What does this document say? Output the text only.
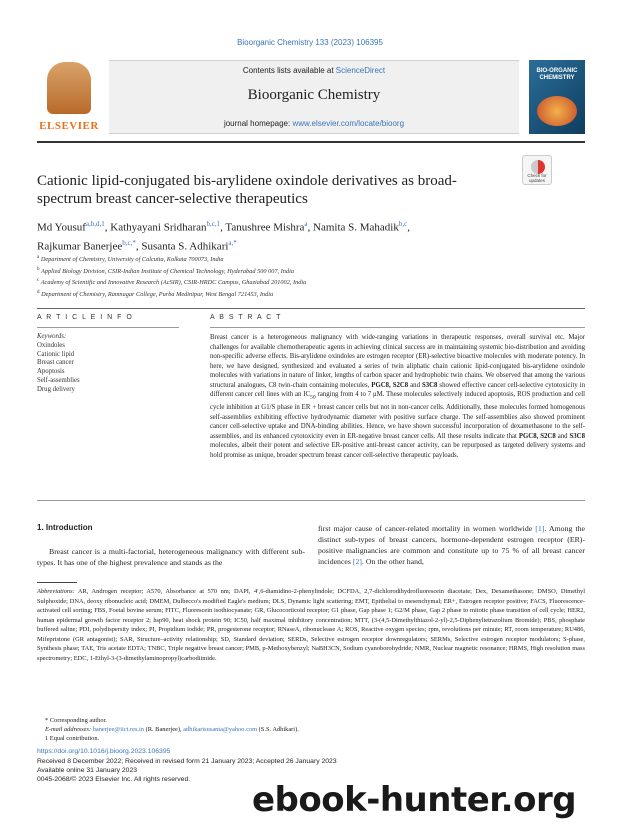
Bioorganic Chemistry 133 (2023) 106395
ELSEVIER
Contents lists available at ScienceDirect
Bioorganic Chemistry
journal homepage: www.elsevier.com/locate/bioorg
BIO-ORGANIC CHEMISTRY
Cationic lipid-conjugated bis-arylidene oxindole derivatives as broad-spectrum breast cancer-selective therapeutics
Check for updates
Md Yousuf$^{a,b,d,1}$, Kathyayani Sridharan$^{b,c,1}$, Tanushree Mishra$^a$, Namita S. Mahadik$^{b,c}$,
Rajkumar Banerjee$^{b,c,*}$, Susanta S. Adhikari$^{a,*}$
$^a$ Department of Chemistry, University of Calcutta, Kolkata 700073, India
$^b$ Applied Biology Division, CSIR-Indian Institute of Chemical Technology, Hyderabad 500 007, India
$^c$ Academy of Scientific and Innovative Research (AcSIR), CSIR-HRDC Campus, Ghaziabad 201002, India
$^d$ Department of Chemistry, Ramnagar College, Purba Medinipur, West Bengal 721453, India
A R T I C L E I N F O	A B S T R A C T
Keywords:
Oxindoles
Cationic lipid
Breast cancer
Apoptosis
Self-assemblies
Drug delivery
Breast cancer is a heterogeneous malignancy with wide-ranging variations in therapeutic responses, overall survival etc. Major challenges for available chemotherapeutic agents in achieving clinical success are in maintaining systemic bio-distribution and avoiding non-specific adverse effects. Bis-arylidene oxindoles are estrogen receptor (ER)-selective bioactive molecules with moderate potency. In here, we have designed, synthesized and evaluated a series of twin aliphatic chain cationic lipid-conjugated bis-arylidene oxindole molecules with variations in nature of linker, lengths of carbon spacer and hydrophobic twin chains. We observed that among the various structural analogues, C8 twin-chain containing molecules, PGC8, S2C8 and S3C8 showed effective cancer cell-selective cytotoxicity in different cancer cell lines with an $IC_{50}$ ranging from 4 to 7 μM. These molecules selectively induced apoptosis, ROS production and cell cycle inhibition at G1/S phase in ER + breast cancer cells but not in non-cancer cells. Additionally, these molecules formed homogenous self-assemblies exhibiting effective hydrodynamic diameter with positive surface charge. The self-assemblies also showed prominent cancer cell-selective uptake and DNA-binding abilities. Hence, we have shown successful incorporation of dexamethasone to the self-assemblies, and its enhanced cytotoxicity even in ER-negative breast cancer cells. All these results indicate that PGC8, S2C8 and S3C8 molecules, albeit their potent and selective ER-positive anti-breast cancer activity, can be repurposed as targeted delivery systems and hold promise as unique, broader spectrum breast cancer cell-selective therapeutic payloads.
1. Introduction
Breast cancer is a multi-factorial, heterogeneous malignancy with different sub-types. It has one of the highest prevalence and stands as the
first major cause of cancer-related mortality in women worldwide [1]. Among the distinct sub-types of breast cancers, hormone-dependent estrogen receptor (ER)-positive malignancies are common and constitute up to 75 % of all breast cancer incidences [2]. On the other hand,
Abbreviations: AR, Androgen receptor; A570, Absorbance at 570 nm; DAPI, 4′,6-diamidino-2-phenylindole; DCFDA, 2,7-dichlorodihydrofluorescein diacetate; Dex, Dexamethasone; DMSO, Dimethyl Sulphoxide; DNA, deoxy ribonucleic acid; DMEM, Dulbecco's modified Eagle's medium; DLS, Dynamic light scattering; EMT, Epithelial to mesenchymal; ER+, Estrogen receptor positive; FACS, Fluorescence-activated cell sorting; FBS, Foetal bovine serum; FITC, Fluorescein isothiocyanate; GR, Glucocorticoid receptor; G1 phase, Gap phase 1; G2/M phase, Gap 2 phase to mitotic phase transition of cell cycle; HER2, human epidermal growth factor receptor 2; hsp90, heat shock protein 90; IC50, half maximal inhibitory concentration; MTT, (3-(4,5-Dimethylthiazol-2-yl)-2,5-Diphenyltetrazolium Bromide); PBS, phosphate buffered saline; PDI, polydispersity index; PI, Propidium iodide; PR, progesterone receptor; RNaseA, ribonuclease A; ROS, Reactive oxygen species; rpm, revolutions per minute; RT, room temperature; RU486, Mifepristone (GR antagonist); SAR, Structure–activity relationship; SD, Standard deviation; SERDs, Selective estrogen receptor downregulators; SERMs, Selective estrogen receptor modulators; S-phase, Synthesis phase; TAE, Tris acetate EDTA; TNBC, Triple negative breast cancer; PMB, p-Methoxybenzyl; NaBH3CN, Sodium cyanoborohydride; NMR, Nuclear magnetic resonance; HRMS, High resolution mass spectrometry; EDC, 1-Ethyl-3-(3-dimethylaminopropyl)carbodiimide.
* Corresponding author.
E-mail addresses: banerjee@iict.res.in (R. Banerjee), adhikarisusanta@yahoo.com (S.S. Adhikari).
1 Equal contribution.
https://doi.org/10.1016/j.bioorg.2023.106395
Received 8 December 2022; Received in revised form 21 January 2023; Accepted 26 January 2023
Available online 31 January 2023
0045-2068/© 2023 Elsevier Inc. All rights reserved.
ebook-hunter.org
